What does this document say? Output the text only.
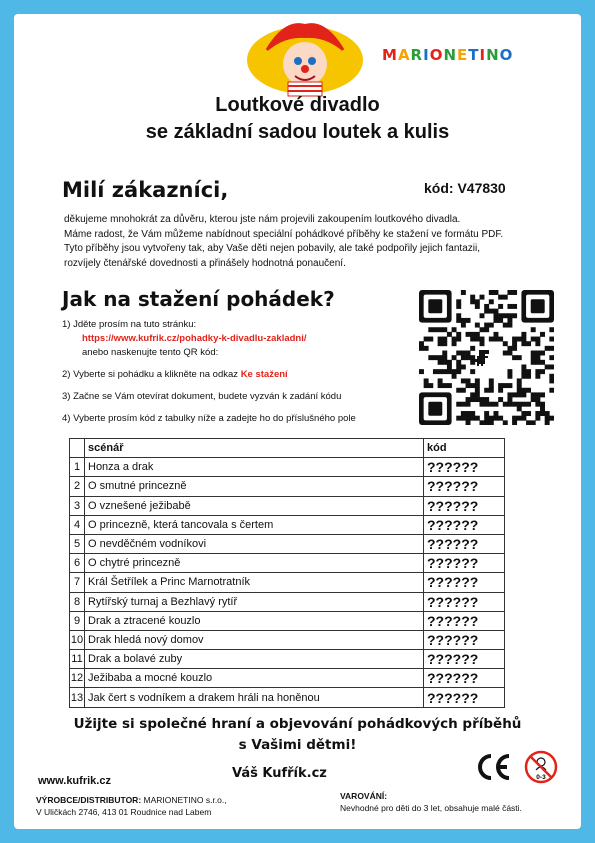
MARIONETINO
Loutkové divadlo
se základní sadou loutek a kulis
Milí zákazníci,	kód: V47830
děkujeme mnohokrát za důvěru, kterou jste nám projevili zakoupením loutkového divadla.
Máme radost, že Vám můžeme nabídnout speciální pohádkové příběhy ke stažení ve formátu PDF.
Tyto příběhy jsou vytvořeny tak, aby Vaše děti nejen pobavily, ale také podpořily jejich fantazii,
rozvíjely čtenářské dovednosti a přinášely hodnotná ponaučení.
Jak na stažení pohádek?
1) Jděte prosím na tuto stránku:
https://www.kufrik.cz/pohadky-k-divadlu-zakladni/
anebo naskenujte tento QR kód:
2) Vyberte si pohádku a klikněte na odkaz Ke stažení
3) Začne se Vám otevírat dokument, budete vyzván k zadání kódu
4) Vyberte prosím kód z tabulky níže a zadejte ho do příslušného pole
	scénář	kód
1	Honza a drak	??????
2	O smutné princezně	??????
3	O vznešené ježibabě	??????
4	O princezně, která tancovala s čertem	??????
5	O nevděčném vodníkovi	??????
6	O chytré princezně	??????
7	Král Šetřílek a Princ Marnotratník	??????
8	Rytířský turnaj a Bezhlavý rytíř	??????
9	Drak a ztracené kouzlo	??????
10	Drak hledá nový domov	??????
11	Drak a bolavé zuby	??????
12	Ježibaba a mocné kouzlo	??????
13	Jak čert s vodníkem a drakem hráli na honěnou	??????
Užijte si společné hraní a objevování pohádkových příběhů
s Vašimi dětmi!
Váš Kufřík.cz
www.kufrik.cz
VÝROBCE/DISTRIBUTOR: MARIONETINO s.r.o.,
V Uličkách 2746, 413 01 Roudnice nad Labem
VAROVÁNÍ:
Nevhodné pro děti do 3 let, obsahuje malé části.
0-3
